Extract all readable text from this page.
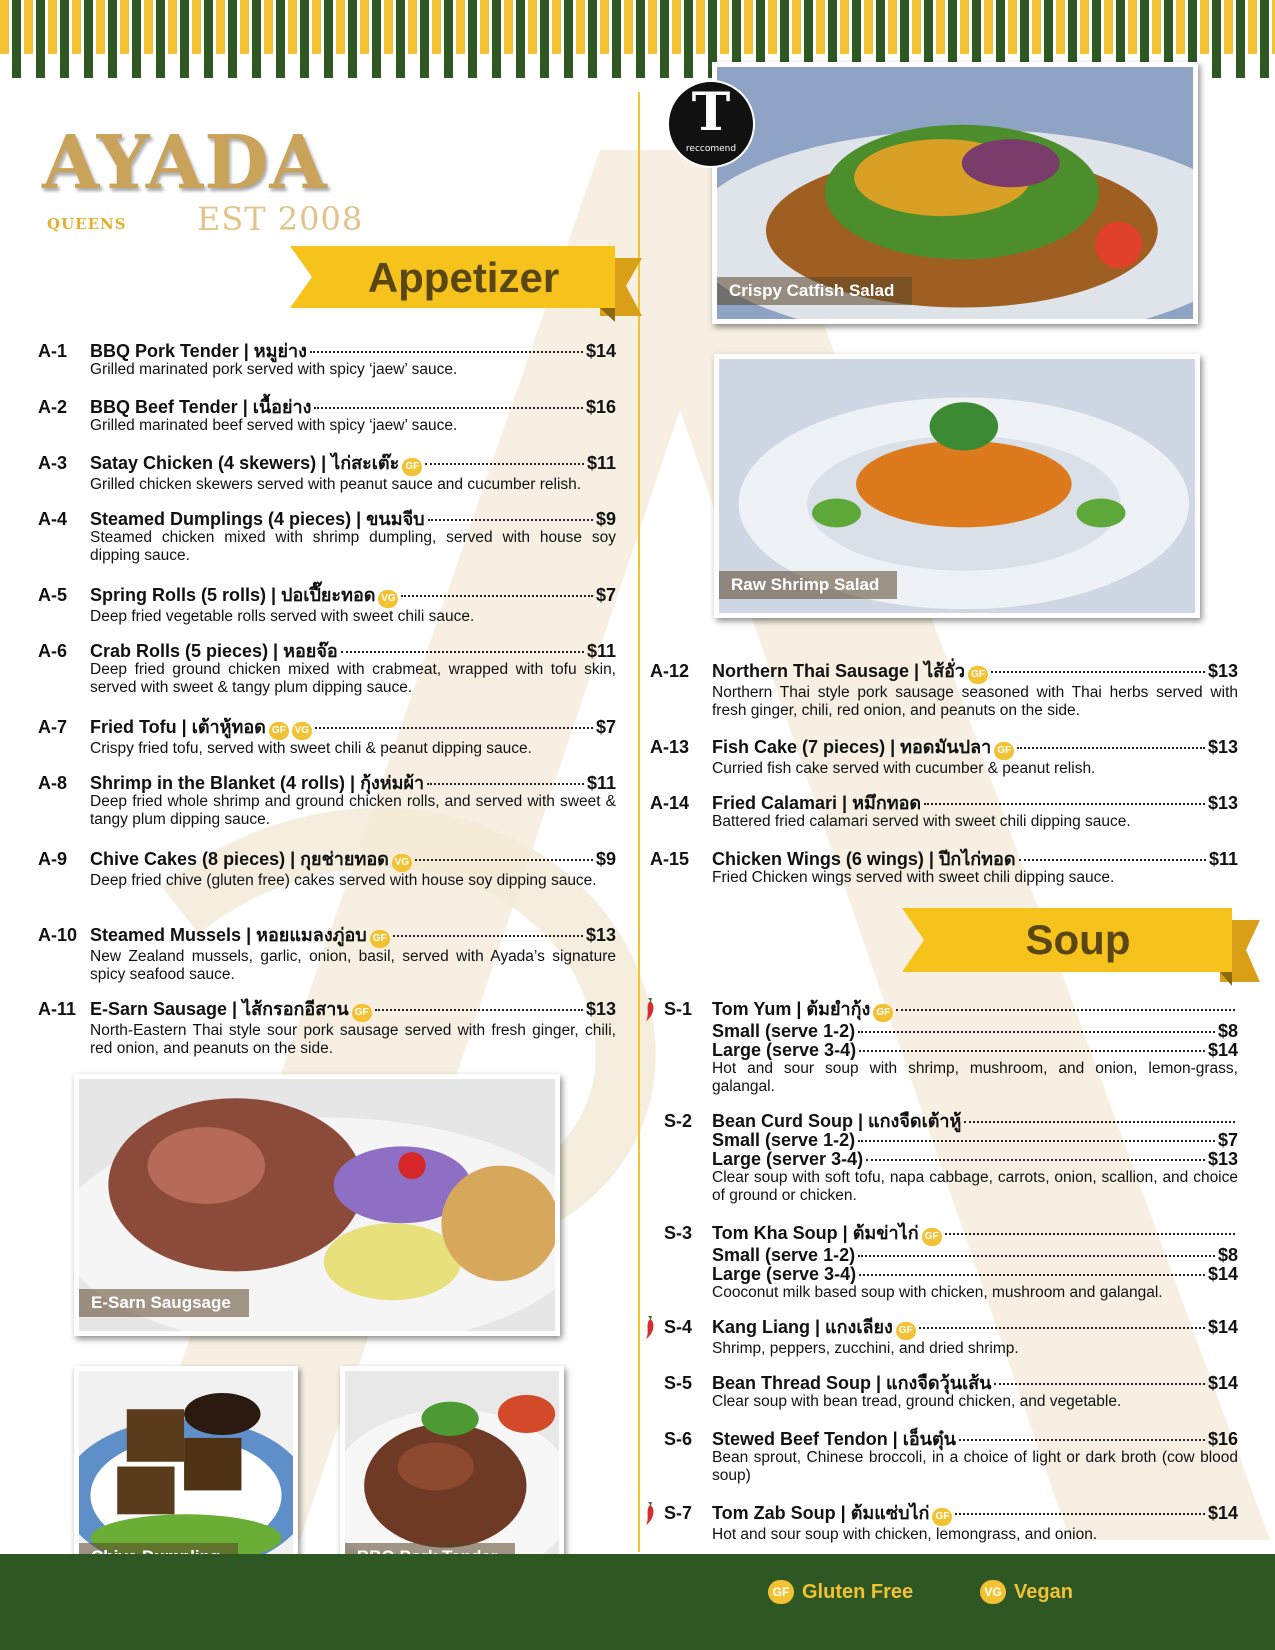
AYADA
QUEENS EST 2008
Appetizer
Soup
T
reccomend
Crispy Catfish Salad
Raw Shrimp Salad
E-Sarn Saugsage
A-1 BBQ Pork Tender | หมูย่าง	$14
Grilled marinated pork served with spicy ‘jaew’ sauce.
A-2 BBQ Beef Tender | เนื้อย่าง	$16
Grilled marinated beef served with spicy ‘jaew’ sauce.
A-3 Satay Chicken (4 skewers) | ไก่สะเต๊ะ GF	$11
Grilled chicken skewers served with peanut sauce and cucumber relish.
A-4 Steamed Dumplings (4 pieces) | ขนมจีบ	$9
Steamed chicken mixed with shrimp dumpling, served with house soy dipping sauce.
A-5 Spring Rolls (5 rolls) | ปอเปี๊ยะทอด VG	$7
Deep fried vegetable rolls served with sweet chili sauce.
A-6 Crab Rolls (5 pieces) | หอยจ๊อ	$11
Deep fried ground chicken mixed with crabmeat, wrapped with tofu skin, served with sweet & tangy plum dipping sauce.
A-7 Fried Tofu | เต้าหู้ทอด GF VG	$7
Crispy fried tofu, served with sweet chili & peanut dipping sauce.
A-8 Shrimp in the Blanket (4 rolls) | กุ้งห่มผ้า	$11
Deep fried whole shrimp and ground chicken rolls, and served with sweet & tangy plum dipping sauce.
A-9 Chive Cakes (8 pieces) | กุยช่ายทอด VG	$9
Deep fried chive (gluten free) cakes served with house soy dipping sauce.
A-10 Steamed Mussels | หอยแมลงภู่อบ GF	$13
New Zealand mussels, garlic, onion, basil, served with Ayada’s signature spicy seafood sauce.
A-11 E-Sarn Sausage | ไส้กรอกอีสาน GF	$13
North-Eastern Thai style sour pork sausage served with fresh ginger, chili, red onion, and peanuts on the side.
A-12 Northern Thai Sausage | ไส้อั่ว GF	$13
Northern Thai style pork sausage seasoned with Thai herbs served with fresh ginger, chili, red onion, and peanuts on the side.
A-13 Fish Cake (7 pieces) | ทอดมันปลา GF	$13
Curried fish cake served with cucumber & peanut relish.
A-14 Fried Calamari | หมึกทอด	$13
Battered fried calamari served with sweet chili dipping sauce.
A-15 Chicken Wings (6 wings) | ปีกไก่ทอด	$11
Fried Chicken wings served with sweet chili dipping sauce.
S-1 Tom Yum | ต้มยำกุ้ง GF
Small (serve 1-2)	$8
Large (serve 3-4)	$14
Hot and sour soup with shrimp, mushroom, and onion, lemon-grass, galangal.
S-2 Bean Curd Soup | แกงจืดเต้าหู้
Small (serve 1-2)	$7
Large (server 3-4)	$13
Clear soup with soft tofu, napa cabbage, carrots, onion, scallion, and choice of ground or chicken.
S-3 Tom Kha Soup | ต้มข่าไก่ GF
Small (serve 1-2)	$8
Large (serve 3-4)	$14
Cooconut milk based soup with chicken, mushroom and galangal.
S-4 Kang Liang | แกงเลียง GF	$14
Shrimp, peppers, zucchini, and dried shrimp.
S-5 Bean Thread Soup | แกงจืดวุ้นเส้น	$14
Clear soup with bean tread, ground chicken, and vegetable.
S-6 Stewed Beef Tendon | เอ็นตุ๋น	$16
Bean sprout, Chinese broccoli, in a choice of light or dark broth (cow blood soup)
S-7 Tom Zab Soup | ต้มแซ่บไก่ GF	$14
Hot and sour soup with chicken, lemongrass, and onion.
GF Gluten Free	VG Vegan
